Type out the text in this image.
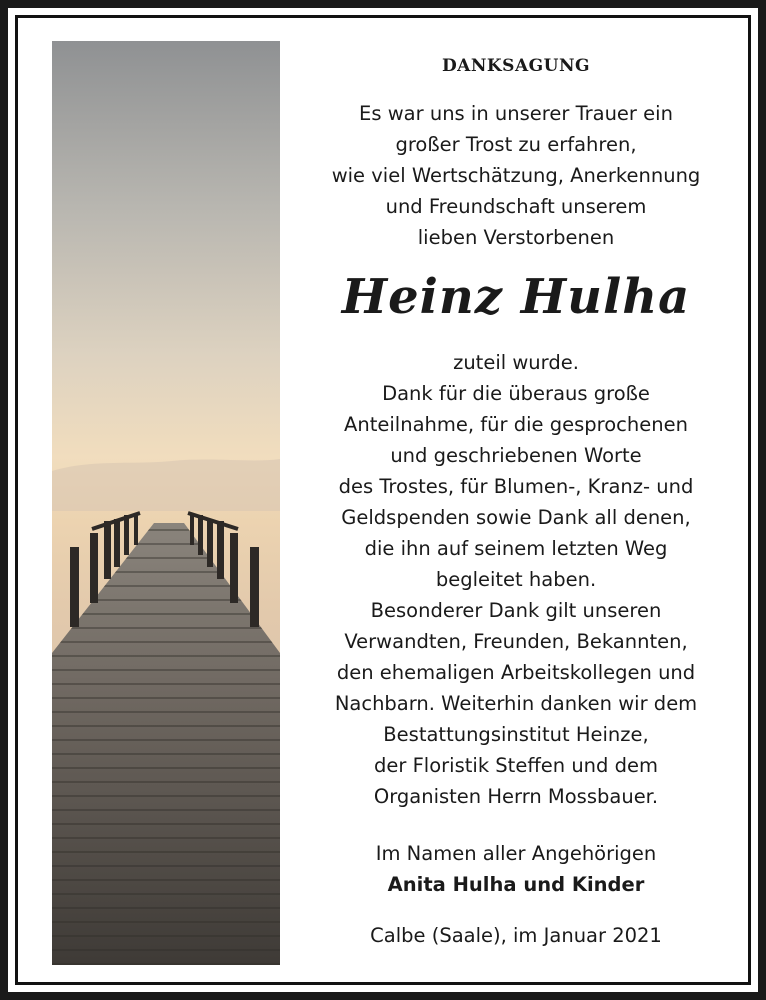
DANKSAGUNG
Es war uns in unserer Trauer ein
großer Trost zu erfahren,
wie viel Wertschätzung, Anerkennung
und Freundschaft unserem
lieben Verstorbenen
Heinz Hulha
zuteil wurde.
Dank für die überaus große
Anteilnahme, für die gesprochenen
und geschriebenen Worte
des Trostes, für Blumen-, Kranz- und
Geldspenden sowie Dank all denen,
die ihn auf seinem letzten Weg
begleitet haben.
Besonderer Dank gilt unseren
Verwandten, Freunden, Bekannten,
den ehemaligen Arbeitskollegen und
Nachbarn. Weiterhin danken wir dem
Bestattungsinstitut Heinze,
der Floristik Steffen und dem
Organisten Herrn Mossbauer.
Im Namen aller Angehörigen
Anita Hulha und Kinder
Calbe (Saale), im Januar 2021
